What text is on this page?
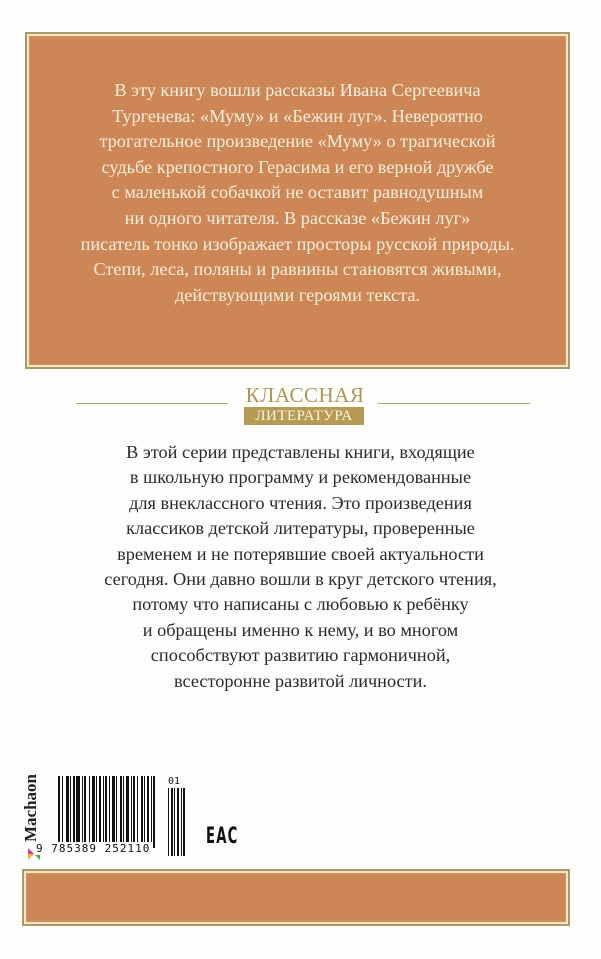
В эту книгу вошли рассказы Ивана Сергеевича
Тургенева: «Муму» и «Бежин луг». Невероятно
трогательное произведение «Муму» о трагической
судьбе крепостного Герасима и его верной дружбе
с маленькой собачкой не оставит равнодушным
ни одного читателя. В рассказе «Бежин луг»
писатель тонко изображает просторы русской природы.
Степи, леса, поляны и равнины становятся живыми,
действующими героями текста.
КЛАССНАЯ
ЛИТЕРАТУРА
В этой серии представлены книги, входящие
в школьную программу и рекомендованные
для внеклассного чтения. Это произведения
классиков детской литературы, проверенные
временем и не потерявшие своей актуальности
сегодня. Они давно вошли в круг детского чтения,
потому что написаны с любовью к ребёнку
и обращены именно к нему, и во многом
способствуют развитию гармоничной,
всесторонне развитой личности.
Machaon
9 785389 252110
01
EAC
